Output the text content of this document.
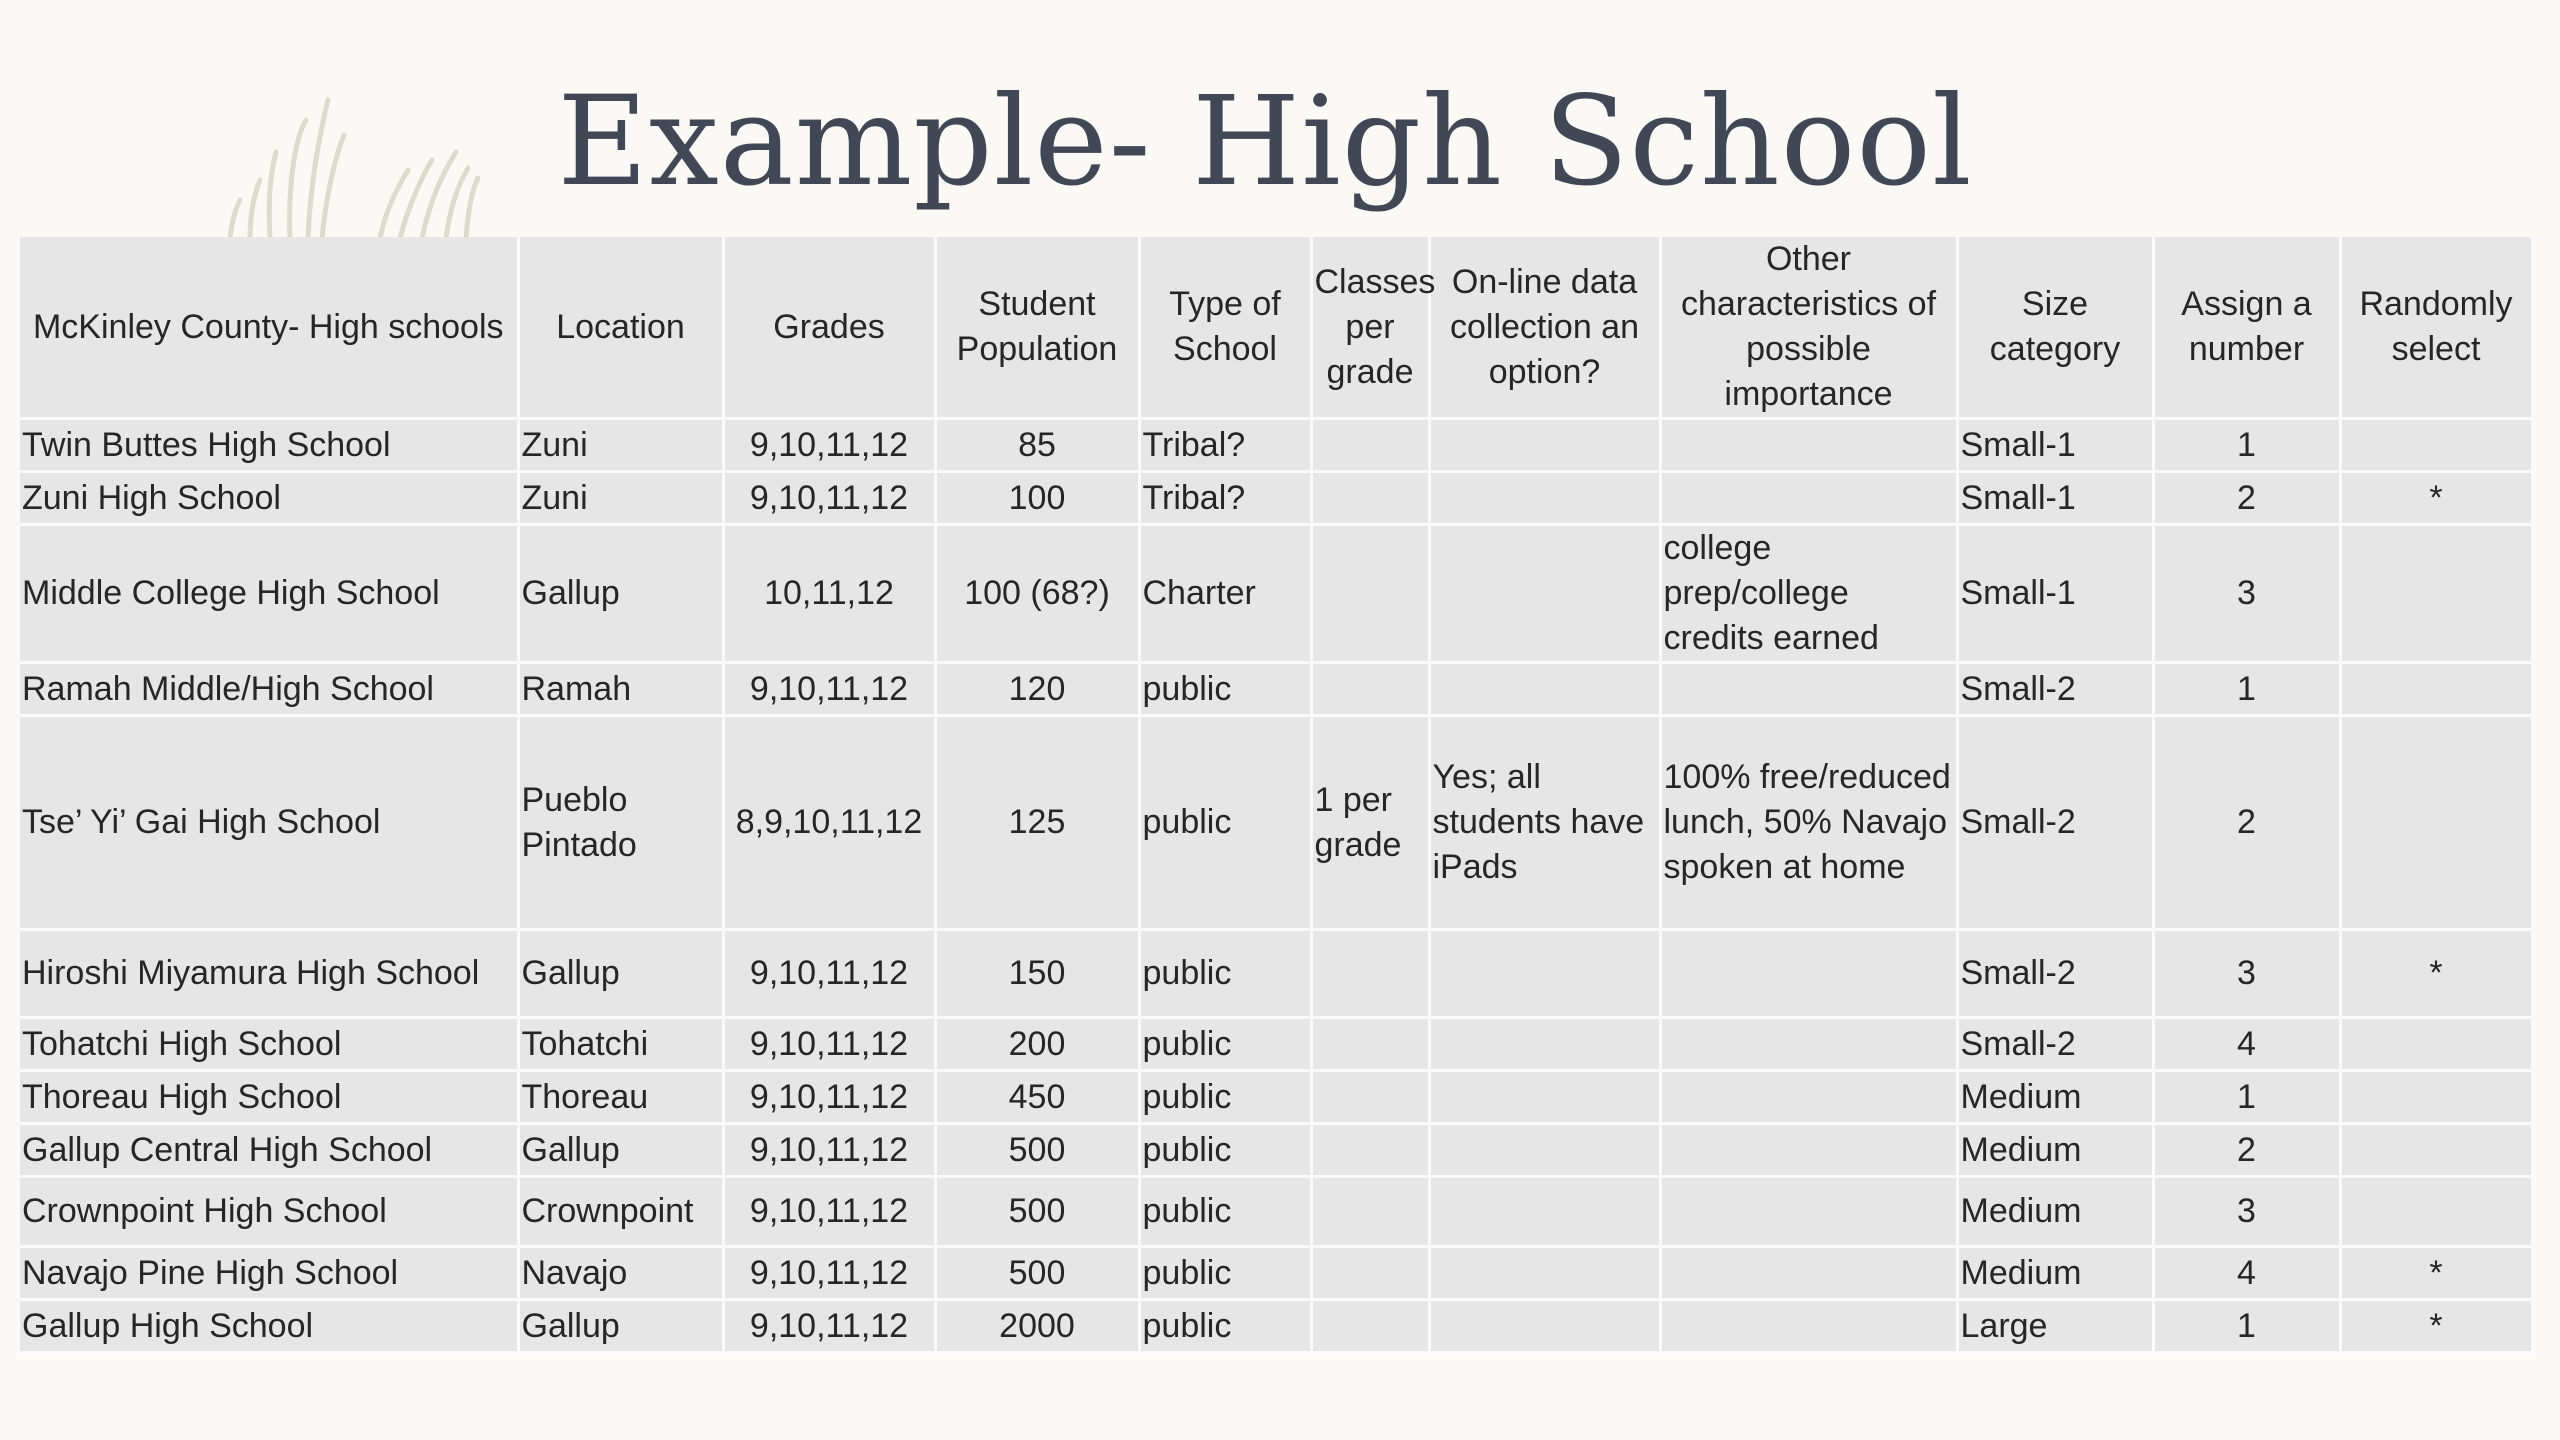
Example- High School
McKinley County- High schools	Location	Grades	Student Population	Type of School	Classes per grade	On-line data collection an option?	Other characteristics of possible importance	Size category	Assign a number	Randomly select
Twin Buttes High School	Zuni	9,10,11,12	85	Tribal?				Small-1	1	
Zuni High School	Zuni	9,10,11,12	100	Tribal?				Small-1	2	*
Middle College High School	Gallup	10,11,12	100 (68?)	Charter			college prep/college credits earned	Small-1	3	
Ramah Middle/High School	Ramah	9,10,11,12	120	public				Small-2	1	
Tse’ Yi’ Gai High School	Pueblo Pintado	8,9,10,11,12	125	public	1 per grade	Yes; all students have iPads	100% free/reduced lunch, 50% Navajo spoken at home	Small-2	2	
Hiroshi Miyamura High School	Gallup	9,10,11,12	150	public				Small-2	3	*
Tohatchi High School	Tohatchi	9,10,11,12	200	public				Small-2	4	
Thoreau High School	Thoreau	9,10,11,12	450	public				Medium	1	
Gallup Central High School	Gallup	9,10,11,12	500	public				Medium	2	
Crownpoint High School	Crownpoint	9,10,11,12	500	public				Medium	3	
Navajo Pine High School	Navajo	9,10,11,12	500	public				Medium	4	*
Gallup High School	Gallup	9,10,11,12	2000	public				Large	1	*
